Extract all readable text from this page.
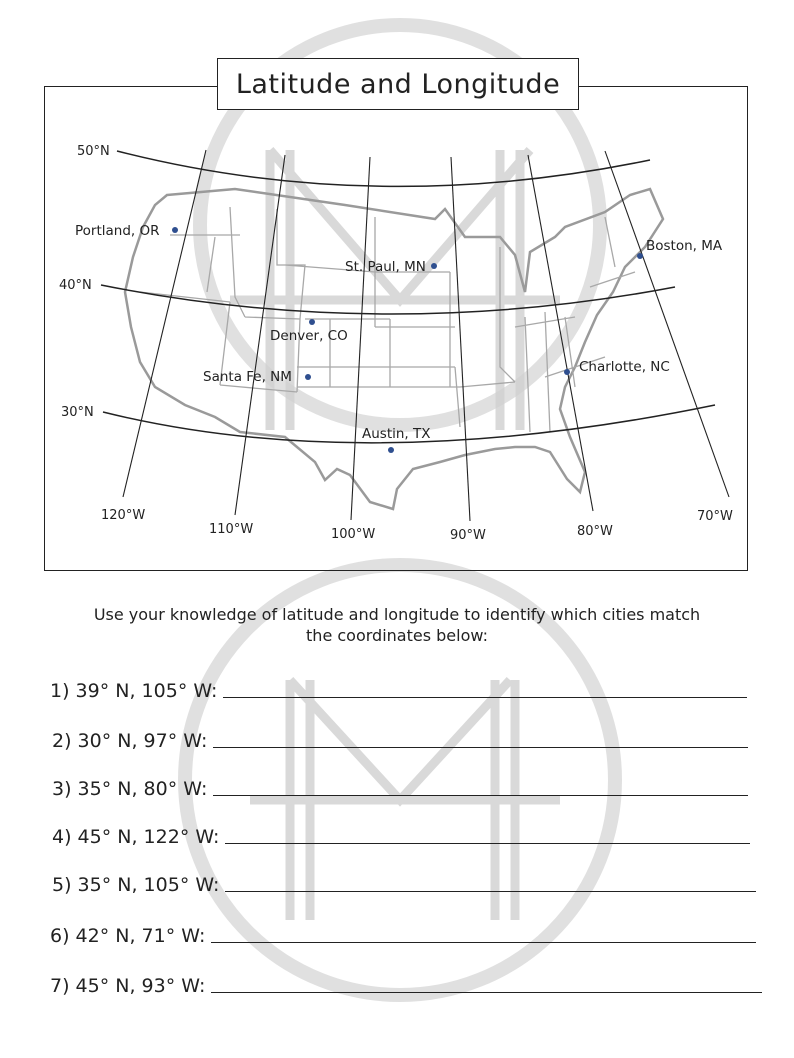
Latitude and Longitude
50°N
40°N
30°N
120°W
110°W	100°W	90°W	80°W
70°W
Portland, OR
St. Paul, MN
Boston, MA
Denver, CO
Santa Fe, NM
Charlotte, NC
Austin, TX
Use your knowledge of latitude and longitude to identify which cities match the coordinates below:
1) 39° N, 105° W:
2) 30° N, 97° W:
3) 35° N, 80° W:
4) 45° N, 122° W:
5) 35° N, 105° W:
6) 42° N, 71° W:
7) 45° N, 93° W:
